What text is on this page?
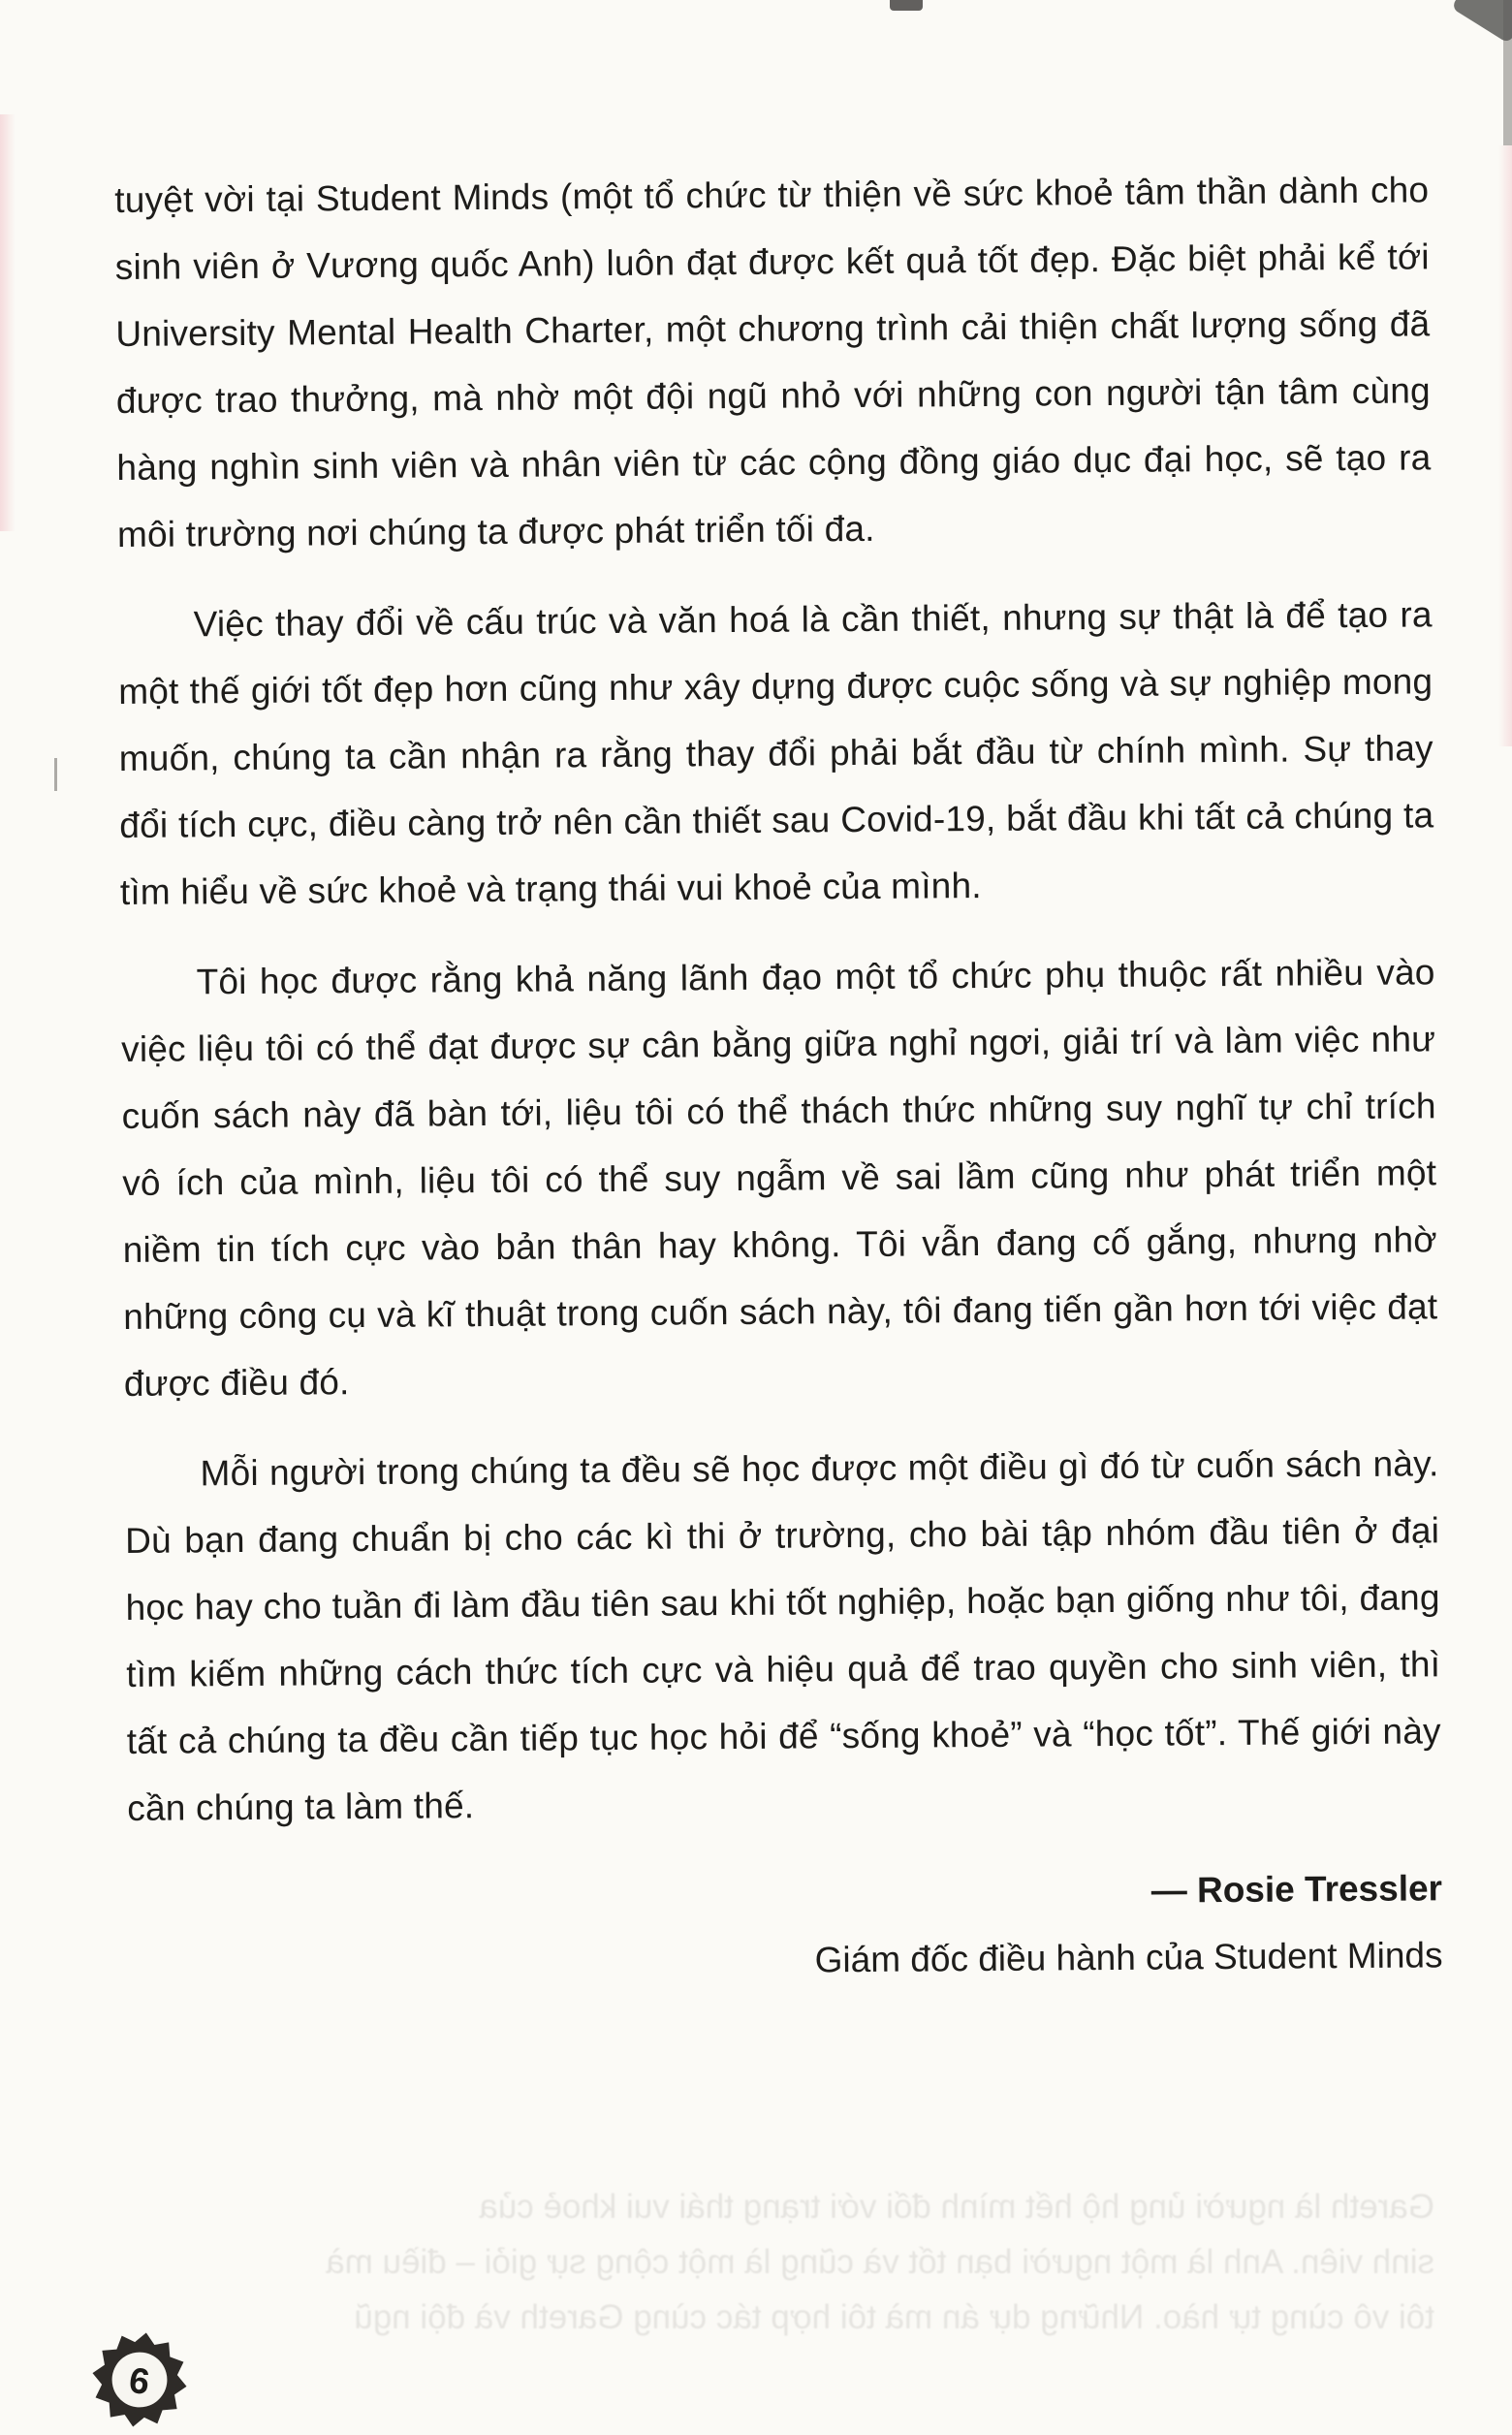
tuyệt vời tại Student Minds (một tổ chức từ thiện về sức khoẻ tâm thần dành cho sinh viên ở Vương quốc Anh) luôn đạt được kết quả tốt đẹp. Đặc biệt phải kể tới University Mental Health Charter, một chương trình cải thiện chất lượng sống đã được trao thưởng, mà nhờ một đội ngũ nhỏ với những con người tận tâm cùng hàng nghìn sinh viên và nhân viên từ các cộng đồng giáo dục đại học, sẽ tạo ra môi trường nơi chúng ta được phát triển tối đa.

Việc thay đổi về cấu trúc và văn hoá là cần thiết, nhưng sự thật là để tạo ra một thế giới tốt đẹp hơn cũng như xây dựng được cuộc sống và sự nghiệp mong muốn, chúng ta cần nhận ra rằng thay đổi phải bắt đầu từ chính mình. Sự thay đổi tích cực, điều càng trở nên cần thiết sau Covid-19, bắt đầu khi tất cả chúng ta tìm hiểu về sức khoẻ và trạng thái vui khoẻ của mình.

Tôi học được rằng khả năng lãnh đạo một tổ chức phụ thuộc rất nhiều vào việc liệu tôi có thể đạt được sự cân bằng giữa nghỉ ngơi, giải trí và làm việc như cuốn sách này đã bàn tới, liệu tôi có thể thách thức những suy nghĩ tự chỉ trích vô ích của mình, liệu tôi có thể suy ngẫm về sai lầm cũng như phát triển một niềm tin tích cực vào bản thân hay không. Tôi vẫn đang cố gắng, nhưng nhờ những công cụ và kĩ thuật trong cuốn sách này, tôi đang tiến gần hơn tới việc đạt được điều đó.

Mỗi người trong chúng ta đều sẽ học được một điều gì đó từ cuốn sách này. Dù bạn đang chuẩn bị cho các kì thi ở trường, cho bài tập nhóm đầu tiên ở đại học hay cho tuần đi làm đầu tiên sau khi tốt nghiệp, hoặc bạn giống như tôi, đang tìm kiếm những cách thức tích cực và hiệu quả để trao quyền cho sinh viên, thì tất cả chúng ta đều cần tiếp tục học hỏi để “sống khoẻ” và “học tốt”. Thế giới này cần chúng ta làm thế.

— Rosie Tressler
Giám đốc điều hành của Student Minds
Gareth là người ủng hộ hết mình đối với trạng thái vui khoẻ của
sinh viên. Anh là một người bạn tốt và cũng là một cộng sự giỏi – điều mà
tôi vô cùng tự hào. Những dự án mà tôi hợp tác cùng Gareth và đội ngũ
6
